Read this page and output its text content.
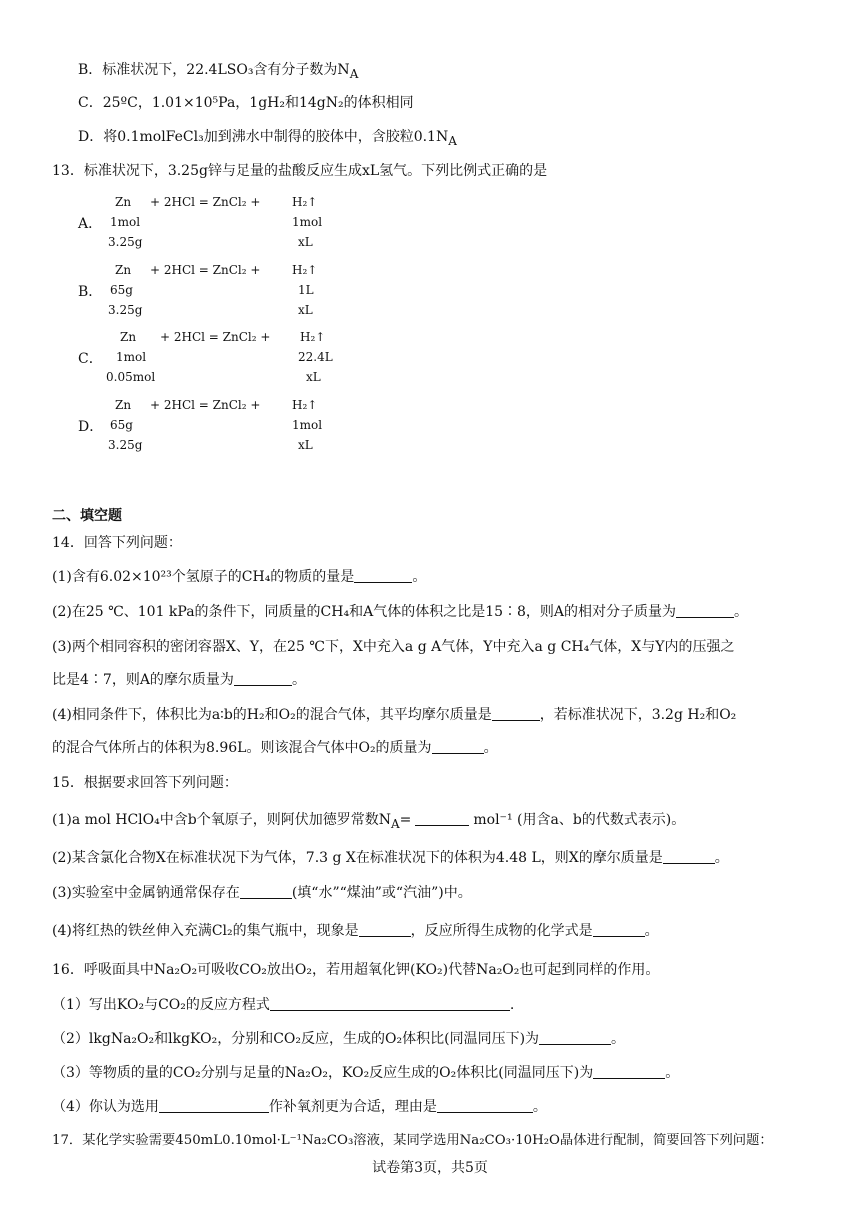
B．标准状况下，22.4LSO₃含有分子数为$N_A$
C．25ºC，1.01×10⁵Pa，1gH₂和14gN₂的体积相同
D．将0.1molFeCl₃加到沸水中制得的胶体中，含胶粒$0.1N_A$
13．标准状况下，3.25g锌与足量的盐酸反应生成xL氢气。下列比例式正确的是
A．
Zn + 2HCl = ZnCl₂ +	H₂↑
1mol	1mol
3.25g	xL
B．
Zn + 2HCl = ZnCl₂ +	H₂↑
65g	1L
3.25g	xL
C．
Zn + 2HCl = ZnCl₂ + H₂↑
1mol	22.4L
0.05mol	xL
D．
Zn + 2HCl = ZnCl₂ +	H₂↑
65g	1mol
3.25g	xL
二、填空题
14．回答下列问题：
(1)含有6.02×10²³个氢原子的CH₄的物质的量是	。
(2)在25 ℃、101 kPa的条件下，同质量的CH₄和A气体的体积之比是15∶8，则A的相对分子质量为	。
(3)两个相同容积的密闭容器X、Y，在25 ℃下，X中充入a g A气体，Y中充入a g CH₄气体，X与Y内的压强之
比是4∶7，则A的摩尔质量为	。
(4)相同条件下，体积比为a∶b的H₂和O₂的混合气体，其平均摩尔质量是	，若标准状况下，3.2g H₂和O₂
的混合气体所占的体积为8.96L。则该混合气体中O₂的质量为	。
15．根据要求回答下列问题：
(1)a mol HClO₄中含b个氧原子，则阿伏加德罗常数$N_A=$	mol⁻¹ (用含a、b的代数式表示)。
(2)某含氯化合物X在标准状况下为气体，7.3 g X在标准状况下的体积为4.48 L，则X的摩尔质量是	。
(3)实验室中金属钠通常保存在	(填“水”“煤油”或“汽油”)中。
(4)将红热的铁丝伸入充满Cl₂的集气瓶中，现象是	，反应所得生成物的化学式是	。
16．呼吸面具中Na₂O₂可吸收CO₂放出O₂，若用超氧化钾(KO₂)代替Na₂O₂也可起到同样的作用。
（1）写出KO₂与CO₂的反应方程式	.
（2）lkgNa₂O₂和lkgKO₂，分别和CO₂反应，生成的O₂体积比(同温同压下)为	。
（3）等物质的量的CO₂分别与足量的Na₂O₂，KO₂反应生成的O₂体积比(同温同压下)为	。
（4）你认为选用	作补氧剂更为合适，理由是	。
17．某化学实验需要450mL0.10mol·L⁻¹Na₂CO₃溶液，某同学选用Na₂CO₃·10H₂O晶体进行配制，简要回答下列问题：
试卷第3页，共5页
